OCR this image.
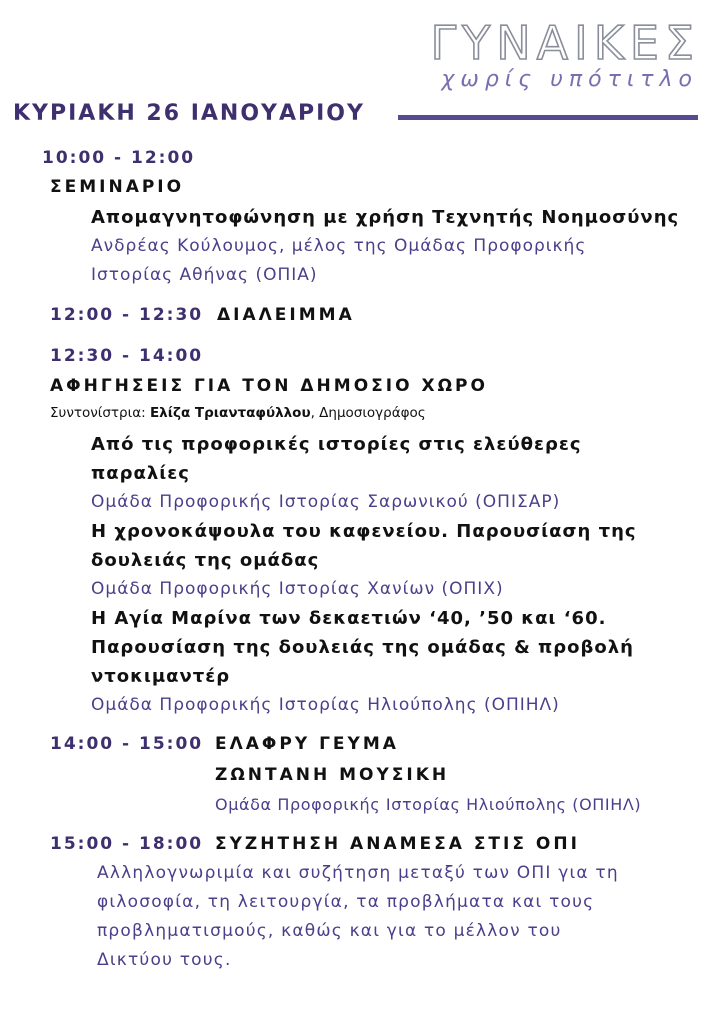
ΓΥΝΑΙΚΕΣ
χωρίς υπότιτλο
ΚΥΡΙΑΚΗ 26 ΙΑΝΟΥΑΡΙΟΥ
10:00 - 12:00
ΣΕΜΙΝΑΡΙΟ
Απομαγνητοφώνηση με χρήση Τεχνητής Νοημοσύνης
Ανδρέας Κούλουμος, μέλος της Ομάδας Προφορικής
Ιστορίας Αθήνας (ΟΠΙΑ)
12:00 - 12:30 ΔΙΑΛΕΙΜΜΑ
12:30 - 14:00
ΑΦΗΓΗΣΕΙΣ ΓΙΑ ΤΟΝ ΔΗΜΟΣΙΟ ΧΩΡΟ
Συντονίστρια: Ελίζα Τριανταφύλλου, Δημοσιογράφος
Από τις προφορικές ιστορίες στις ελεύθερες
παραλίες
Ομάδα Προφορικής Ιστορίας Σαρωνικού (ΟΠΙΣΑΡ)
Η χρονοκάψουλα του καφενείου. Παρουσίαση της
δουλειάς της ομάδας
Ομάδα Προφορικής Ιστορίας Χανίων (ΟΠΙΧ)
Η Αγία Μαρίνα των δεκαετιών ‘40, ’50 και ‘60.
Παρουσίαση της δουλειάς της ομάδας & προβολή
ντοκιμαντέρ
Ομάδα Προφορικής Ιστορίας Ηλιούπολης (ΟΠΙΗΛ)
14:00 - 15:00 ΕΛΑΦΡΥ ΓΕΥΜΑ
ΖΩΝΤΑΝΗ ΜΟΥΣΙΚΗ
Ομάδα Προφορικής Ιστορίας Ηλιούπολης (ΟΠΙΗΛ)
15:00 - 18:00 ΣΥΖΗΤΗΣΗ ΑΝΑΜΕΣΑ ΣΤΙΣ ΟΠΙ
Αλληλογνωριμία και συζήτηση μεταξύ των ΟΠΙ για τη
φιλοσοφία, τη λειτουργία, τα προβλήματα και τους
προβληματισμούς, καθώς και για το μέλλον του
Δικτύου τους.
